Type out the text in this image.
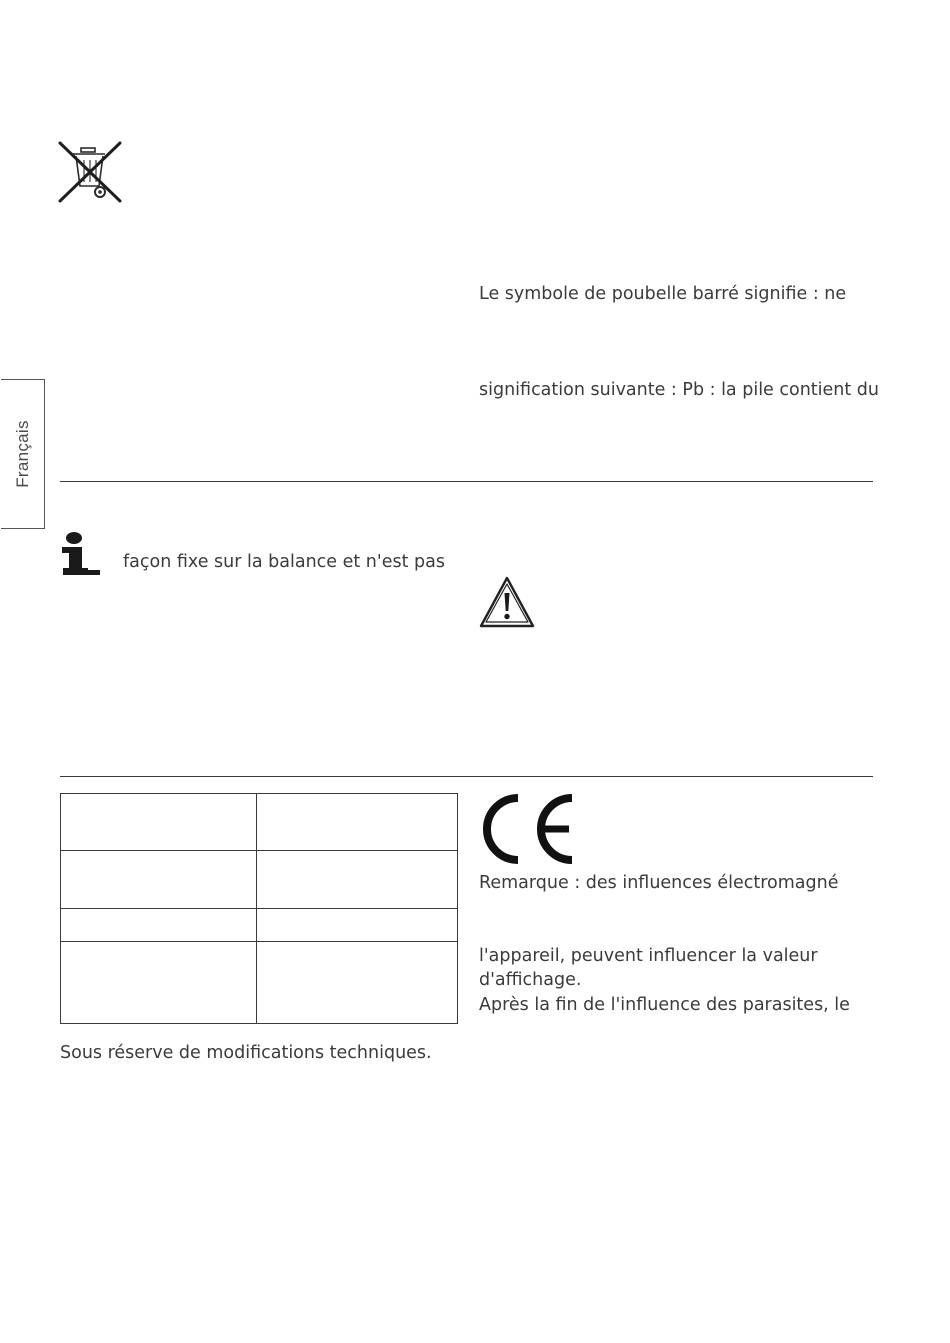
Le symbole de poubelle barré signifie : ne
signification suivante : Pb : la pile contient du
Français
façon fixe sur la balance et n'est pas

Remarque : des influences électromagné
l'appareil, peuvent influencer la valeur
d'affichage.
Après la fin de l'influence des parasites, le
Sous réserve de modifications techniques.
